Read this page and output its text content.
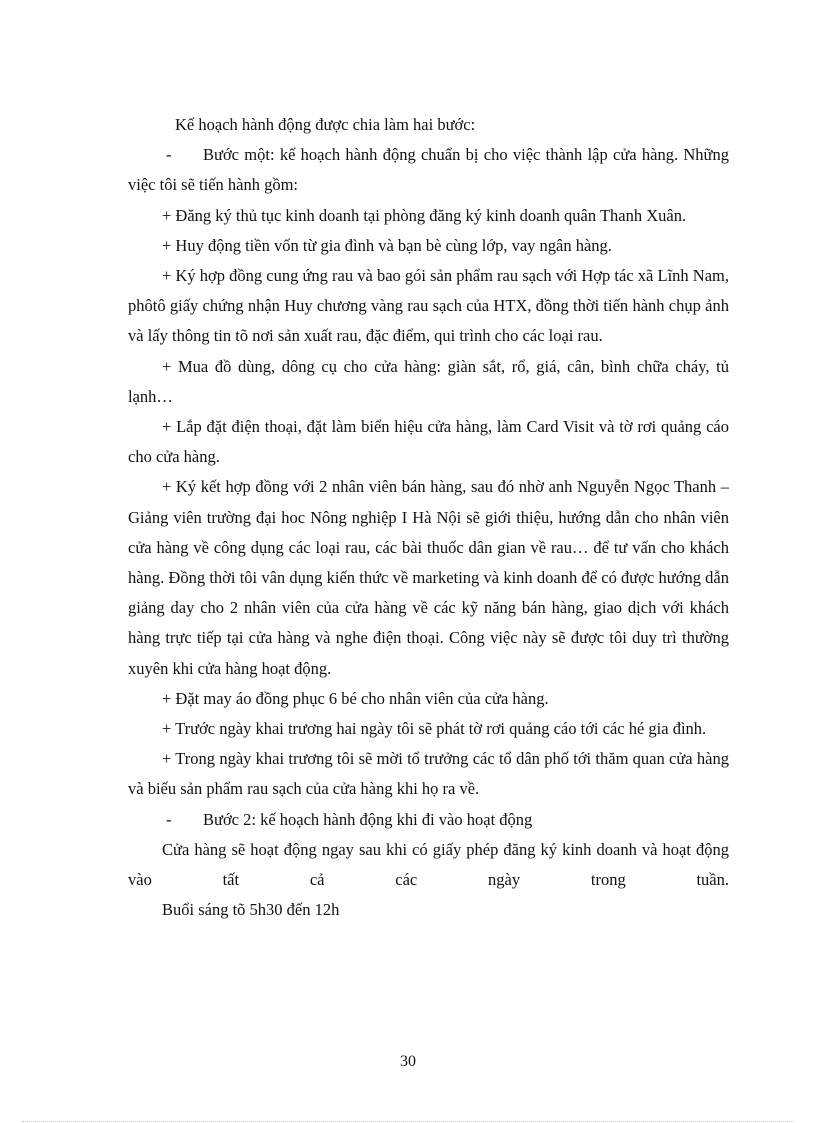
Kế hoạch hành động được chia làm hai bước:

- Bước một: kế hoạch hành động chuẩn bị cho việc thành lập cửa hàng. Những việc tôi sẽ tiến hành gồm:

+ Đăng ký thủ tục kinh doanh tại phòng đăng ký kinh doanh quân Thanh Xuân.

+ Huy động tiền vốn từ gia đình và bạn bè cùng lớp, vay ngân hàng.

+ Ký hợp đồng cung ứng rau và bao gói sản phẩm rau sạch với Hợp tác xã Lĩnh Nam, phôtô giấy chứng nhận Huy chương vàng rau sạch của HTX, đồng thời tiến hành chụp ảnh và lấy thông tin tõ nơi sản xuất rau, đặc điểm, qui trình cho các loại rau.

+ Mua đồ dùng, dông cụ cho cửa hàng: giàn sắt, rổ, giá, cân, bình chữa cháy, tủ lạnh…

+ Lắp đặt điện thoại, đặt làm biển hiệu cửa hàng, làm Card Visit và tờ rơi quảng cáo cho cửa hàng.

+ Ký kết hợp đồng với 2 nhân viên bán hàng, sau đó nhờ anh Nguyễn Ngọc Thanh – Giảng viên trường đại hoc Nông nghiệp I Hà Nội sẽ giới thiệu, hướng dẫn cho nhân viên cửa hàng về công dụng các loại rau, các bài thuốc dân gian về rau… để tư vấn cho khách hàng. Đồng thời tôi vân dụng kiến thức về marketing và kinh doanh để có được hướng dẫn giảng day cho 2 nhân viên của cửa hàng về các kỹ năng bán hàng, giao dịch với khách hàng trực tiếp tại cửa hàng và nghe điện thoại. Công việc này sẽ được tôi duy trì thường xuyên khi cửa hàng hoạt động.

+ Đặt may áo đồng phục 6 bé cho nhân viên của cửa hàng.

+ Trước ngày khai trương hai ngày tôi sẽ phát tờ rơi quảng cáo tới các hé gia đình.

+ Trong ngày khai trương tôi sẽ mời tổ trưởng các tổ dân phố tới thăm quan cửa hàng và biếu sản phẩm rau sạch của cửa hàng khi họ ra về.

- Bước 2: kế hoạch hành động khi đi vào hoạt động

Cửa hàng sẽ hoạt động ngay sau khi có giấy phép đăng ký kinh doanh và hoạt động vào tất cả các ngày trong tuần.

Buổi sáng tõ 5h30 đến 12h

30
